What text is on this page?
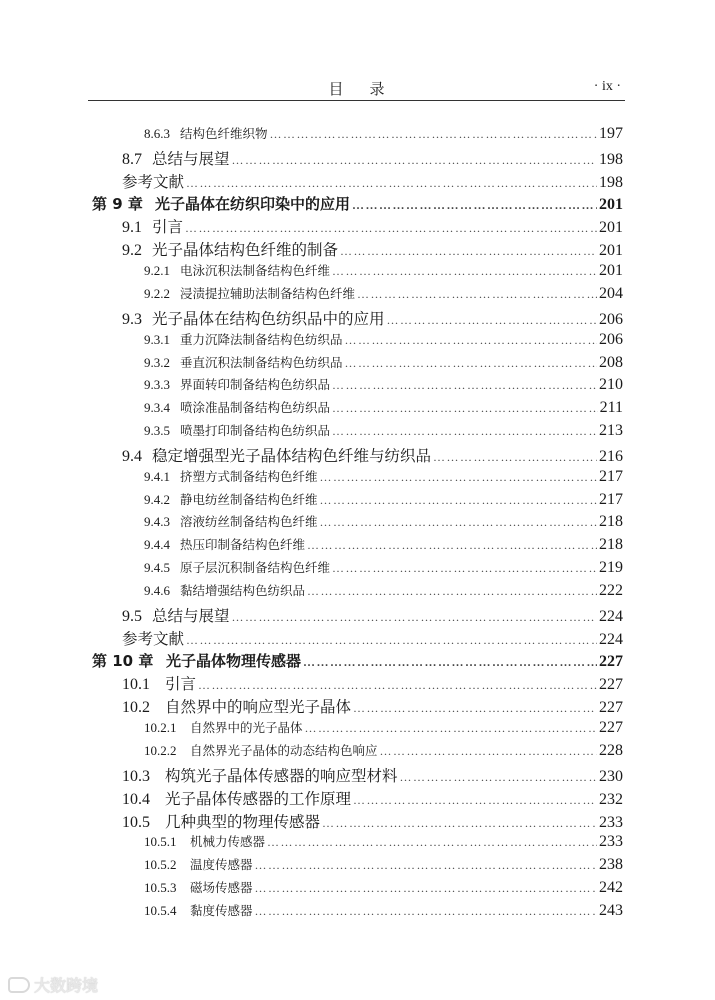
目录	· ix ·
8.6.3 结构色纤维织物 …………………………………………………………………………………………………………………………………………………………………………………	197
8.7 总结与展望 …………………………………………………………………………………………………………………………………………………………………………………	198
参考文献 …………………………………………………………………………………………………………………………………………………………………………………	198
第 9 章 光子晶体在纺织印染中的应用 …………………………………………………………………………………………………………………………………………………………………………………	201
9.1 引言 …………………………………………………………………………………………………………………………………………………………………………………	201
9.2 光子晶体结构色纤维的制备 …………………………………………………………………………………………………………………………………………………………………………………	201
9.2.1 电泳沉积法制备结构色纤维 …………………………………………………………………………………………………………………………………………………………………………………	201
9.2.2 浸渍提拉辅助法制备结构色纤维 …………………………………………………………………………………………………………………………………………………………………………………	204
9.3 光子晶体在结构色纺织品中的应用 …………………………………………………………………………………………………………………………………………………………………………………	206
9.3.1 重力沉降法制备结构色纺织品 …………………………………………………………………………………………………………………………………………………………………………………	206
9.3.2 垂直沉积法制备结构色纺织品 …………………………………………………………………………………………………………………………………………………………………………………	208
9.3.3 界面转印制备结构色纺织品 …………………………………………………………………………………………………………………………………………………………………………………	210
9.3.4 喷涂准晶制备结构色纺织品 …………………………………………………………………………………………………………………………………………………………………………………	211
9.3.5 喷墨打印制备结构色纺织品 …………………………………………………………………………………………………………………………………………………………………………………	213
9.4 稳定增强型光子晶体结构色纤维与纺织品 …………………………………………………………………………………………………………………………………………………………………………………	216
9.4.1 挤塑方式制备结构色纤维 …………………………………………………………………………………………………………………………………………………………………………………	217
9.4.2 静电纺丝制备结构色纤维 …………………………………………………………………………………………………………………………………………………………………………………	217
9.4.3 溶液纺丝制备结构色纤维 …………………………………………………………………………………………………………………………………………………………………………………	218
9.4.4 热压印制备结构色纤维 …………………………………………………………………………………………………………………………………………………………………………………	218
9.4.5 原子层沉积制备结构色纤维 …………………………………………………………………………………………………………………………………………………………………………………	219
9.4.6 黏结增强结构色纺织品 …………………………………………………………………………………………………………………………………………………………………………………	222
9.5 总结与展望 …………………………………………………………………………………………………………………………………………………………………………………	224
参考文献 …………………………………………………………………………………………………………………………………………………………………………………	224
第 10 章 光子晶体物理传感器 …………………………………………………………………………………………………………………………………………………………………………………	227
10.1 引言 …………………………………………………………………………………………………………………………………………………………………………………	227
10.2 自然界中的响应型光子晶体 …………………………………………………………………………………………………………………………………………………………………………………	227
10.2.1	自然界中的光子晶体 …………………………………………………………………………………………………………………………………………………………………………………	227
10.2.2	自然界光子晶体的动态结构色响应 …………………………………………………………………………………………………………………………………………………………………………………	228
10.3 构筑光子晶体传感器的响应型材料 …………………………………………………………………………………………………………………………………………………………………………………	230
10.4 光子晶体传感器的工作原理 …………………………………………………………………………………………………………………………………………………………………………………	232
10.5 几种典型的物理传感器 …………………………………………………………………………………………………………………………………………………………………………………	233
10.5.1	机械力传感器 …………………………………………………………………………………………………………………………………………………………………………………	233
10.5.2	温度传感器 …………………………………………………………………………………………………………………………………………………………………………………	238
10.5.3	磁场传感器 …………………………………………………………………………………………………………………………………………………………………………………	242
10.5.4	黏度传感器 …………………………………………………………………………………………………………………………………………………………………………………	243
大数跨境
